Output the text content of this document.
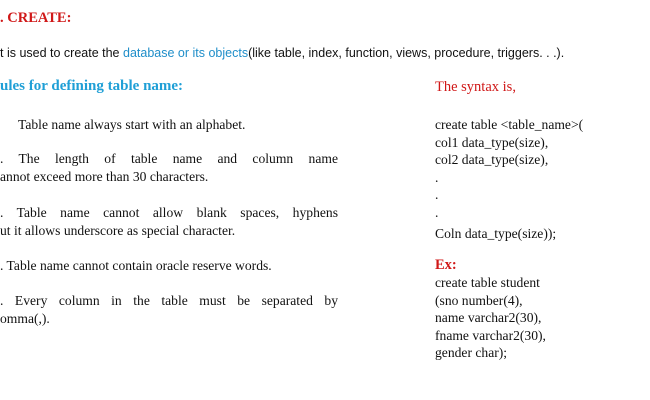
. CREATE:
t is used to create the database or its objects(like table, index, function, views, procedure, triggers. . .).
ules for defining table name:	The syntax is,
Table name always start with an alphabet.
. The length of table name and column name
annot exceed more than 30 characters.
. Table name cannot allow blank spaces, hyphens
ut it allows underscore as special character.
. Table name cannot contain oracle reserve words.
. Every column in the table must be separated by
omma(,).
create table <table_name>(
col1 data_type(size),
col2 data_type(size),
.
.
.
Coln data_type(size));
Ex:
create table student
(sno number(4),
name varchar2(30),
fname varchar2(30),
gender char);
